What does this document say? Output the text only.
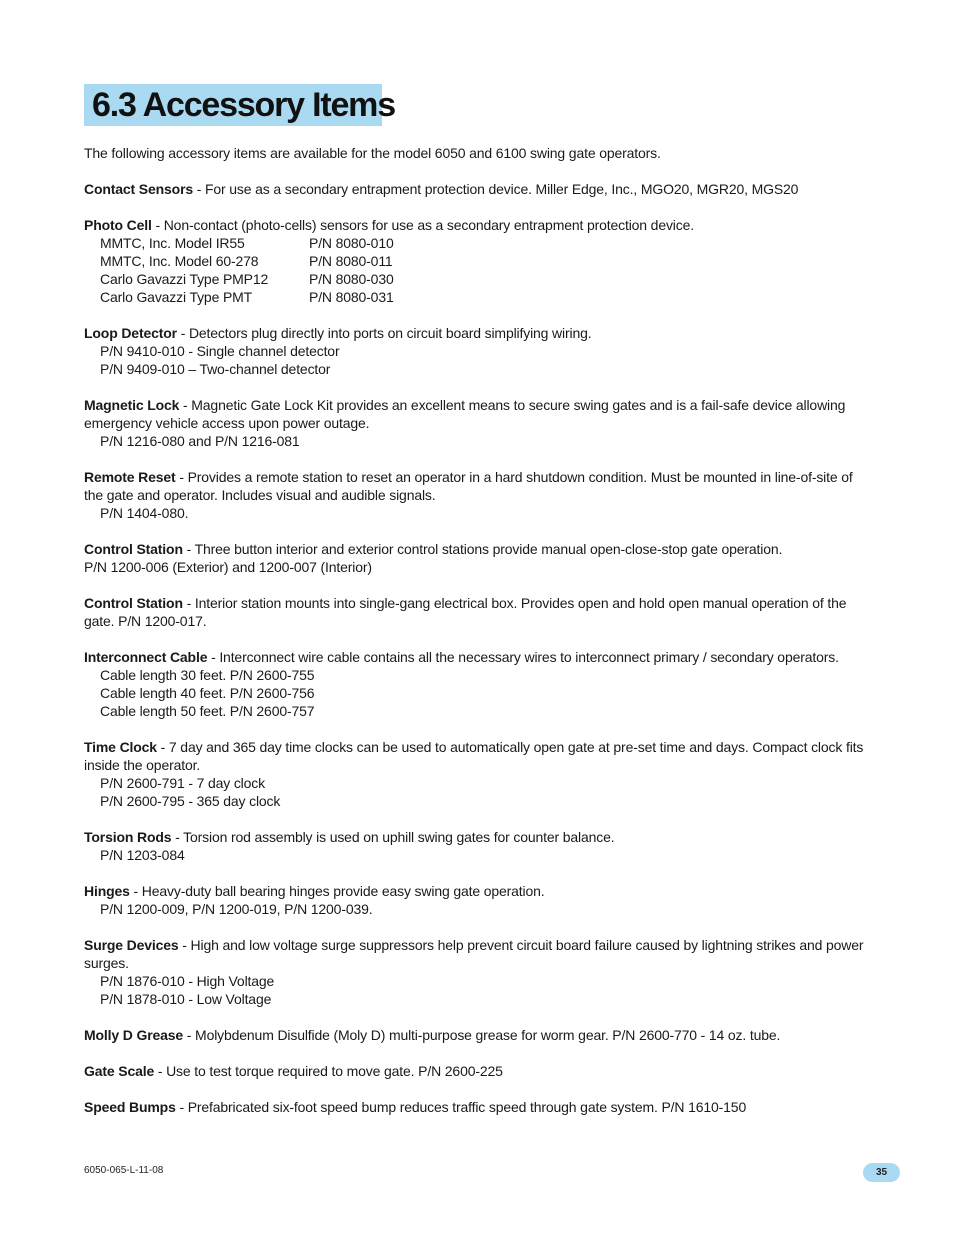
6.3 Accessory Items

The following accessory items are available for the model 6050 and 6100 swing gate operators.

Contact Sensors - For use as a secondary entrapment protection device. Miller Edge, Inc., MGO20, MGR20, MGS20

Photo Cell - Non-contact (photo-cells) sensors for use as a secondary entrapment protection device.

MMTC, Inc. Model IR55	P/N 8080-010
MMTC, Inc. Model 60-278	P/N 8080-011
Carlo Gavazzi Type PMP12	P/N 8080-030
Carlo Gavazzi Type PMT	P/N 8080-031

Loop Detector - Detectors plug directly into ports on circuit board simplifying wiring.

P/N 9410-010 - Single channel detector

P/N 9409-010 – Two-channel detector

Magnetic Lock - Magnetic Gate Lock Kit provides an excellent means to secure swing gates and is a fail-safe device allowing emergency vehicle access upon power outage.

P/N 1216-080 and P/N 1216-081

Remote Reset - Provides a remote station to reset an operator in a hard shutdown condition. Must be mounted in line-of-site of the gate and operator. Includes visual and audible signals.

P/N 1404-080.

Control Station - Three button interior and exterior control stations provide manual open-close-stop gate operation.

P/N 1200-006 (Exterior) and 1200-007 (Interior)

Control Station - Interior station mounts into single-gang electrical box. Provides open and hold open manual operation of the gate. P/N 1200-017.

Interconnect Cable - Interconnect wire cable contains all the necessary wires to interconnect primary / secondary operators.

Cable length 30 feet. P/N 2600-755

Cable length 40 feet. P/N 2600-756

Cable length 50 feet. P/N 2600-757

Time Clock - 7 day and 365 day time clocks can be used to automatically open gate at pre-set time and days. Compact clock fits inside the operator.

P/N 2600-791 - 7 day clock

P/N 2600-795 - 365 day clock

Torsion Rods - Torsion rod assembly is used on uphill swing gates for counter balance.

P/N 1203-084

Hinges - Heavy-duty ball bearing hinges provide easy swing gate operation.

P/N 1200-009, P/N 1200-019, P/N 1200-039.

Surge Devices - High and low voltage surge suppressors help prevent circuit board failure caused by lightning strikes and power surges.

P/N 1876-010 - High Voltage

P/N 1878-010 - Low Voltage

Molly D Grease - Molybdenum Disulfide (Moly D) multi-purpose grease for worm gear. P/N 2600-770 - 14 oz. tube.

Gate Scale - Use to test torque required to move gate. P/N 2600-225

Speed Bumps - Prefabricated six-foot speed bump reduces traffic speed through gate system. P/N 1610-150

6050-065-L-11-08	35
